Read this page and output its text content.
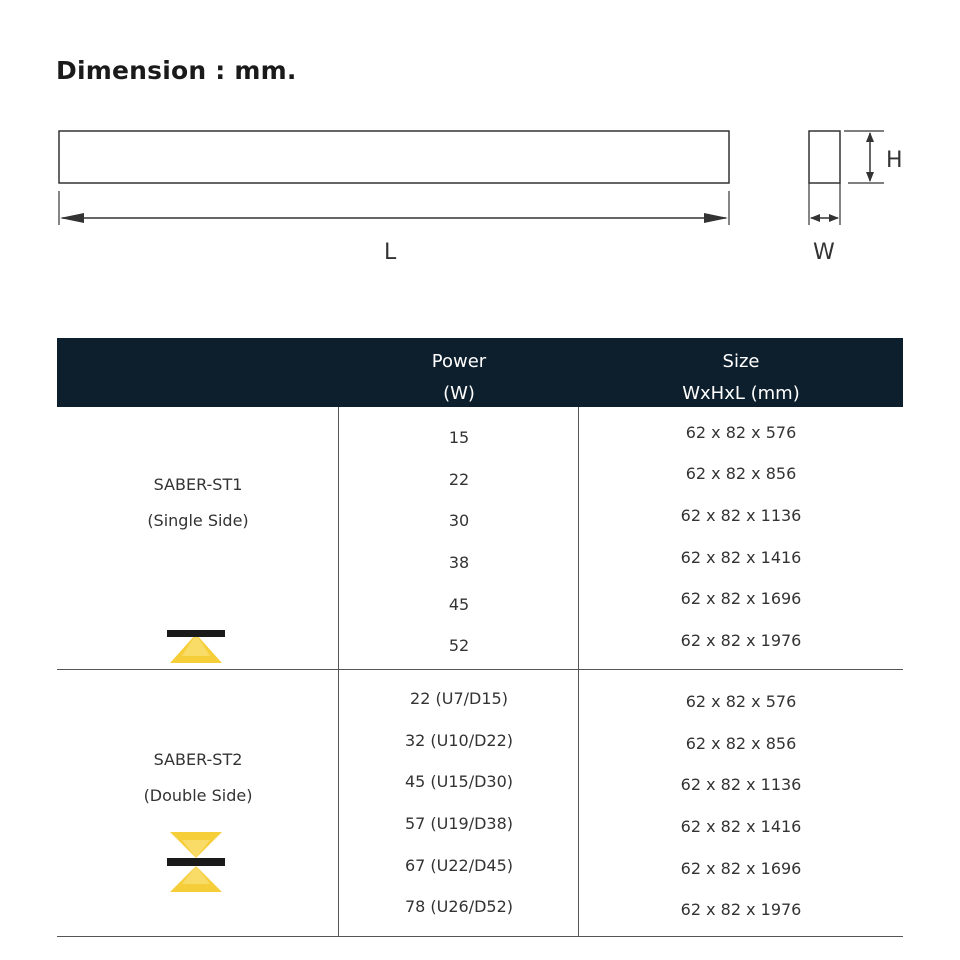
Dimension : mm.
L	W
H
Power
(W)
Size
WxHxL (mm)
SABER-ST1
(Single Side)
15
22
30
38
45
52
62 x 82 x 576
62 x 82 x 856
62 x 82 x 1136
62 x 82 x 1416
62 x 82 x 1696
62 x 82 x 1976
SABER-ST2
(Double Side)
22 (U7/D15)
32 (U10/D22)
45 (U15/D30)
57 (U19/D38)
67 (U22/D45)
78 (U26/D52)
62 x 82 x 576
62 x 82 x 856
62 x 82 x 1136
62 x 82 x 1416
62 x 82 x 1696
62 x 82 x 1976
